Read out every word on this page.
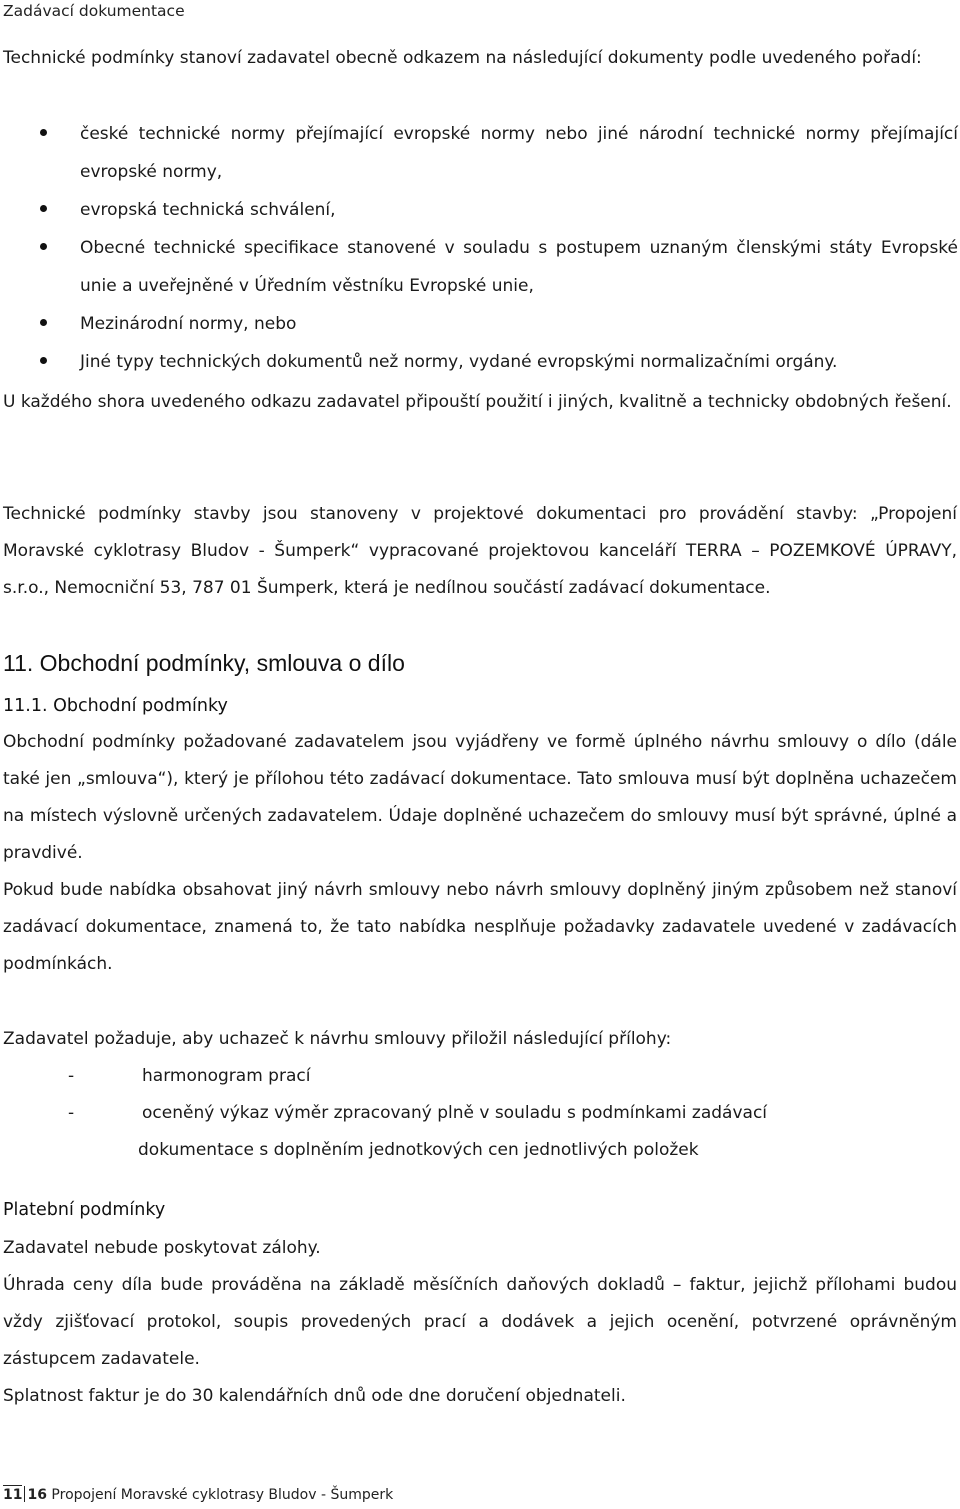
Zadávací dokumentace
Technické podmínky stanoví zadavatel obecně odkazem na následující dokumenty podle uvedeného pořadí:
české technické normy přejímající evropské normy nebo jiné národní technické normy přejímající evropské normy,
evropská technická schválení,
Obecné technické specifikace stanovené v souladu s postupem uznaným členskými státy Evropské unie a uveřejněné v Úředním věstníku Evropské unie,
Mezinárodní normy, nebo
Jiné typy technických dokumentů než normy, vydané evropskými normalizačními orgány.
U každého shora uvedeného odkazu zadavatel připouští použití i jiných, kvalitně a technicky obdobných řešení.
Technické podmínky stavby jsou stanoveny v projektové dokumentaci pro provádění stavby: „Propojení Moravské cyklotrasy Bludov - Šumperk“ vypracované projektovou kanceláří TERRA – POZEMKOVÉ ÚPRAVY, s.r.o., Nemocniční 53, 787 01 Šumperk, která je nedílnou součástí zadávací dokumentace.
11. Obchodní podmínky, smlouva o dílo
11.1. Obchodní podmínky
Obchodní podmínky požadované zadavatelem jsou vyjádřeny ve formě úplného návrhu smlouvy o dílo (dále také jen „smlouva“), který je přílohou této zadávací dokumentace. Tato smlouva musí být doplněna uchazečem na místech výslovně určených zadavatelem. Údaje doplněné uchazečem do smlouvy musí být správné, úplné a pravdivé.
Pokud bude nabídka obsahovat jiný návrh smlouvy nebo návrh smlouvy doplněný jiným způsobem než stanoví zadávací dokumentace, znamená to, že tato nabídka nesplňuje požadavky zadavatele uvedené v zadávacích podmínkách.
Zadavatel požaduje, aby uchazeč k návrhu smlouvy přiložil následující přílohy:
-	harmonogram prací
-	oceněný výkaz výměr zpracovaný plně v souladu s podmínkami zadávací
dokumentace s doplněním jednotkových cen jednotlivých položek
Platební podmínky
Zadavatel nebude poskytovat zálohy.
Úhrada ceny díla bude prováděna na základě měsíčních daňových dokladů – faktur, jejichž přílohami budou vždy zjišťovací protokol, soupis provedených prací a dodávek a jejich ocenění, potvrzené oprávněným zástupcem zadavatele.
Splatnost faktur je do 30 kalendářních dnů ode dne doručení objednateli.
11 16 Propojení Moravské cyklotrasy Bludov - Šumperk
